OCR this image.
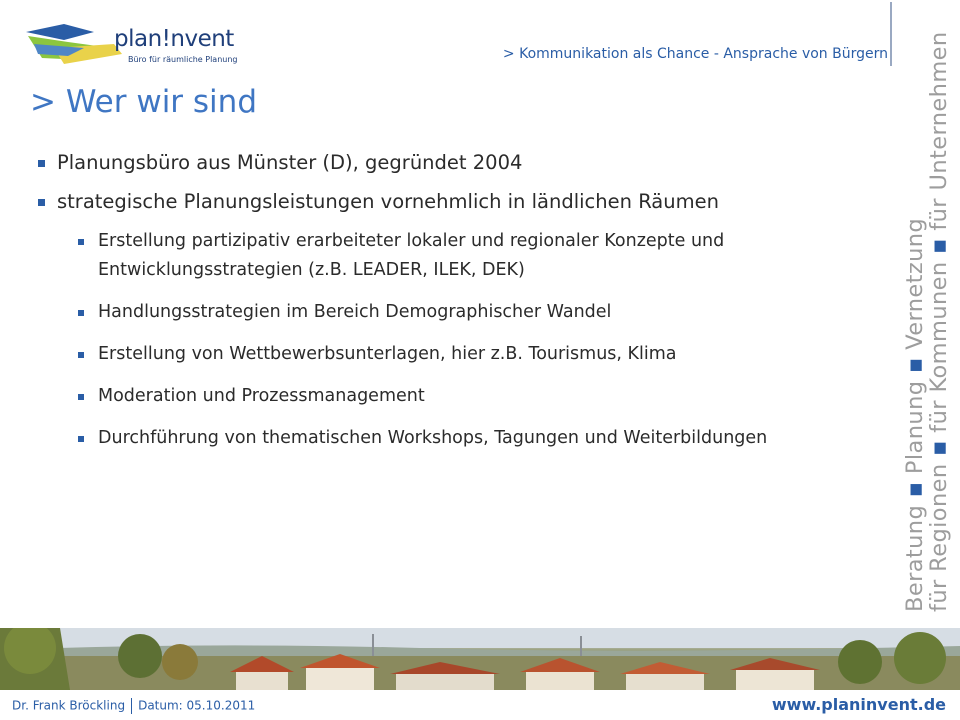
plan!nvent
Büro für räumliche Planung	> Kommunikation als Chance - Ansprache von Bürgern
> Wer wir sind
Planungsbüro aus Münster (D), gegründet 2004
strategische Planungsleistungen vornehmlich in ländlichen Räumen
Erstellung partizipativ erarbeiteter lokaler und regionaler Konzepte und Entwicklungsstrategien (z.B. LEADER, ILEK, DEK)
Handlungsstrategien im Bereich Demographischer Wandel
Erstellung von Wettbewerbsunterlagen, hier z.B. Tourismus, Klima
Moderation und Prozessmanagement
Durchführung von thematischen Workshops, Tagungen und Weiterbildungen
Beratung ▪ Planung ▪ Vernetzung
für Regionen ▪ für Kommunen ▪ für Unternehmen
Dr. Frank Bröckling Datum: 05.10.2011	www.planinvent.de
